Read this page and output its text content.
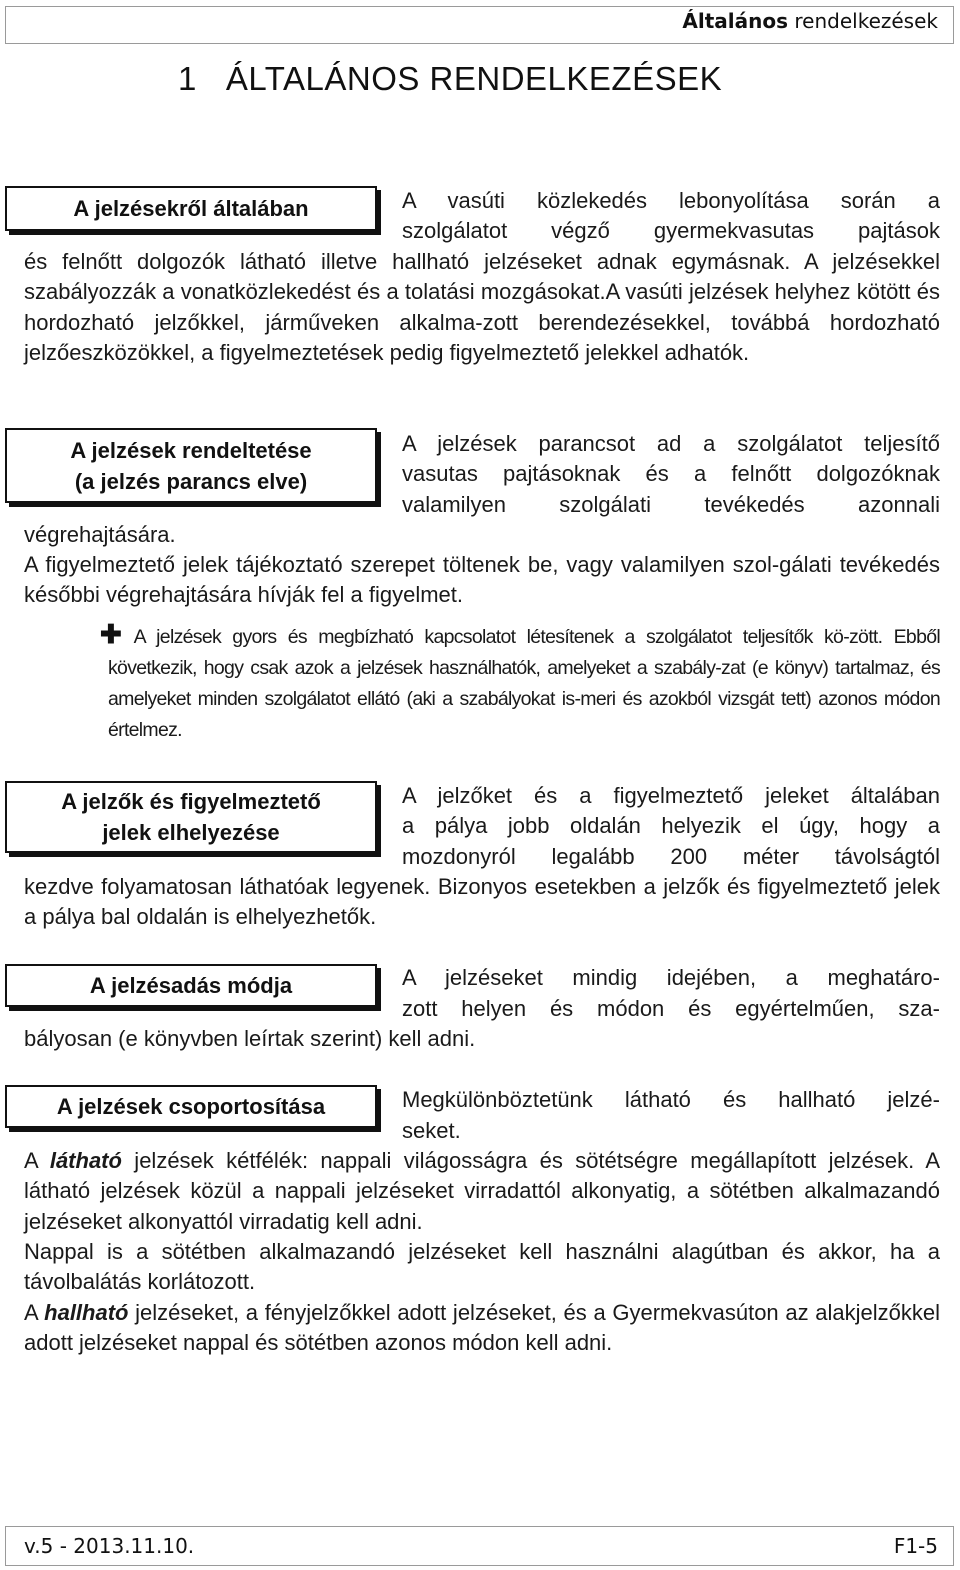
Általános rendelkezések
1   ÁLTALÁNOS RENDELKEZÉSEK
A jelzésekről általában	A vasúti közlekedés lebonyolítása során a
szolgálatot végző gyermekvasutas pajtások
és felnőtt dolgozók látható illetve hallható jelzéseket adnak egymásnak. A jelzésekkel szabályozzák a vonatközlekedést és a tolatási mozgásokat.A vasúti jelzések helyhez kötött és hordozható jelzőkkel, járműveken alkalma-zott berendezésekkel, továbbá hordozható jelzőeszközökkel, a figyelmeztetések pedig figyelmeztető jelekkel adhatók.
A jelzések rendeltetése
(a jelzés parancs elve)
A jelzések parancsot ad a szolgálatot teljesítő
vasutas pajtásoknak és a felnőtt dolgozóknak
valamilyen szolgálati tevékedés azonnali
végrehajtására.
A figyelmeztető jelek tájékoztató szerepet töltenek be, vagy valamilyen szol-gálati tevékedés későbbi végrehajtására hívják fel a figyelmet.
✚ A jelzések gyors és megbízható kapcsolatot létesítenek a szolgálatot teljesítők kö-zött. Ebből következik, hogy csak azok a jelzések használhatók, amelyeket a szabály-zat (e könyv) tartalmaz, és amelyeket minden szolgálatot ellátó (aki a szabályokat is-meri és azokból vizsgát tett) azonos módon értelmez.
A jelzők és figyelmeztető
jelek elhelyezése
A jelzőket és a figyelmeztető jeleket általában
a pálya jobb oldalán helyezik el úgy, hogy a
mozdonyról legalább 200 méter távolságtól
kezdve folyamatosan láthatóak legyenek. Bizonyos esetekben a jelzők és figyelmeztető jelek a pálya bal oldalán is elhelyezhetők.
A jelzésadás módja	A jelzéseket mindig idejében, a meghatáro-
zott helyen és módon és egyértelműen, sza-
bályosan (e könyvben leírtak szerint) kell adni.
A jelzések csoportosítása	Megkülönböztetünk látható és hallható jelzé-
seket.
A látható jelzések kétfélék: nappali világosságra és sötétségre megállapított jelzések. A látható jelzések közül a nappali jelzéseket virradattól alkonyatig, a sötétben alkalmazandó jelzéseket alkonyattól virradatig kell adni.
Nappal is a sötétben alkalmazandó jelzéseket kell használni alagútban és akkor, ha a távolbalátás korlátozott.
A hallható jelzéseket, a fényjelzőkkel adott jelzéseket, és a Gyermekvasúton az alakjelzőkkel adott jelzéseket nappal és sötétben azonos módon kell adni.
v.5 - 2013.11.10.	F1-5
